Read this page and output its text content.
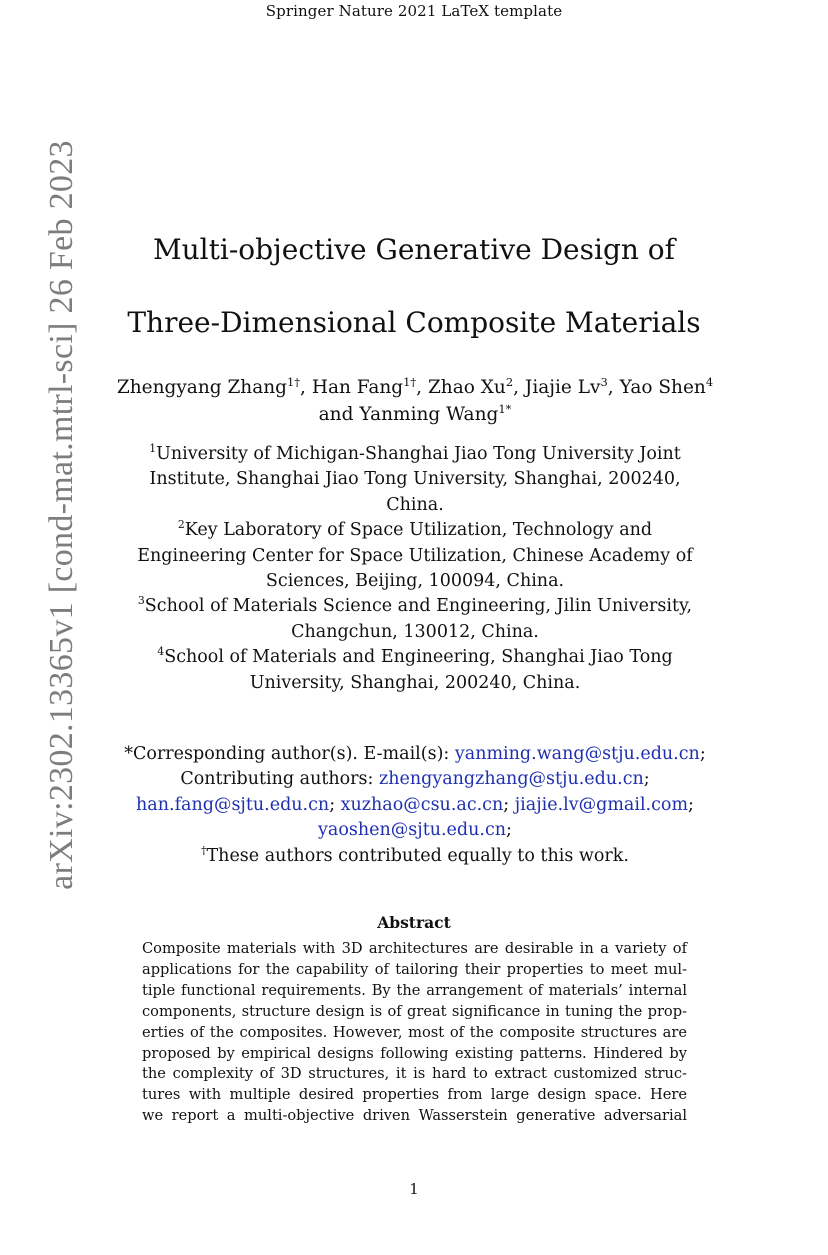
Springer Nature 2021 LaTeX template
arXiv:2302.13365v1 [cond-mat.mtrl-sci] 26 Feb 2023	Multi-objective Generative Design of
Three-Dimensional Composite Materials
Zhengyang Zhang$^{1\dagger}$, Han Fang$^{1\dagger}$, Zhao Xu$^2$, Jiajie Lv$^3$, Yao Shen$^4$ and Yanming Wang$^{1*}$
$^1$University of Michigan-Shanghai Jiao Tong University Joint
Institute, Shanghai Jiao Tong University, Shanghai, 200240,
China.
$^2$Key Laboratory of Space Utilization, Technology and
Engineering Center for Space Utilization, Chinese Academy of
Sciences, Beijing, 100094, China.
$^3$School of Materials Science and Engineering, Jilin University,
Changchun, 130012, China.
$^4$School of Materials and Engineering, Shanghai Jiao Tong
University, Shanghai, 200240, China.
*Corresponding author(s). E-mail(s): yanming.wang@stju.edu.cn;
Contributing authors: zhengyangzhang@stju.edu.cn;
han.fang@sjtu.edu.cn; xuzhao@csu.ac.cn; jiajie.lv@gmail.com;
yaoshen@sjtu.edu.cn;
†These authors contributed equally to this work.
Abstract
Composite materials with 3D architectures are desirable in a variety of
applications for the capability of tailoring their properties to meet mul-
tiple functional requirements. By the arrangement of materials’ internal
components, structure design is of great significance in tuning the prop-
erties of the composites. However, most of the composite structures are
proposed by empirical designs following existing patterns. Hindered by
the complexity of 3D structures, it is hard to extract customized struc-
tures with multiple desired properties from large design space. Here
we report a multi-objective driven Wasserstein generative adversarial
1
